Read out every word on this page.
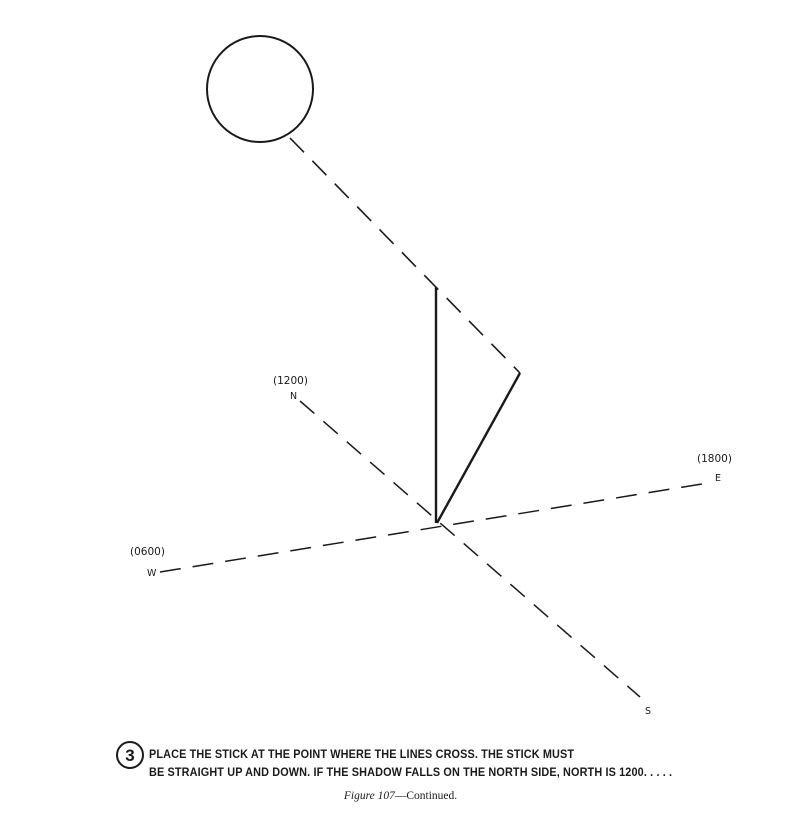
(1200)
N
(1800)
E
(0600)
W
S
3 PLACE THE STICK AT THE POINT WHERE THE LINES CROSS. THE STICK MUST
BE STRAIGHT UP AND DOWN. IF THE SHADOW FALLS ON THE NORTH SIDE, NORTH IS 1200. . . . .
Figure 107—Continued.
